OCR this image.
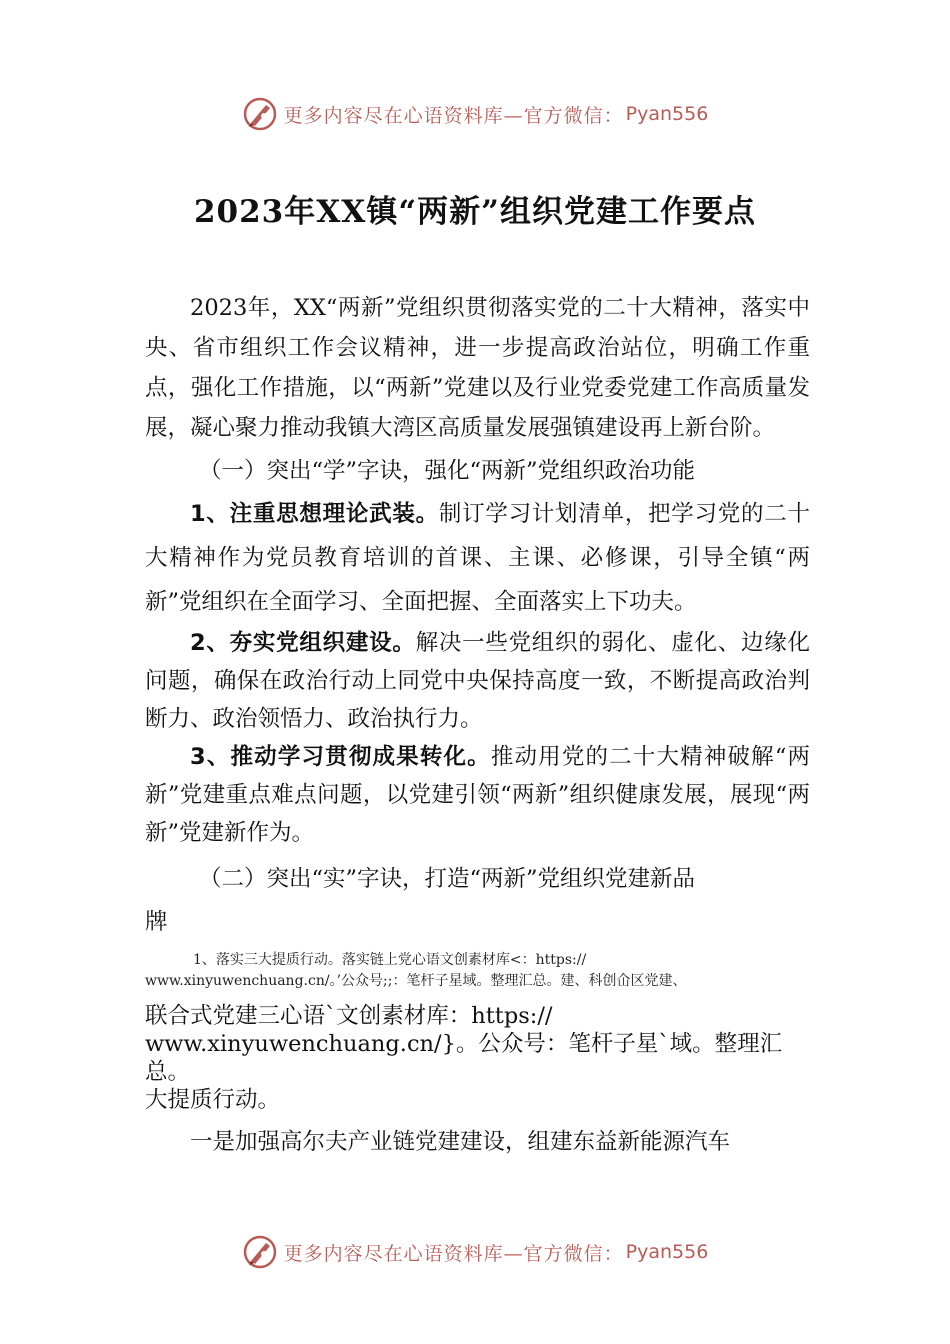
更多内容尽在心语资料库—官方微信： Pyan556
2023年XX镇“两新”组织党建工作要点

2023年，XX“两新”党组织贯彻落实党的二十大精神，落实中央、省市组织工作会议精神，进一步提高政治站位，明确工作重点，强化工作措施，以“两新”党建以及行业党委党建工作高质量发展，凝心聚力推动我镇大湾区高质量发展强镇建设再上新台阶。

（一）突出“学”字诀，强化“两新”党组织政治功能

1、注重思想理论武装。制订学习计划清单，把学习党的二十大精神作为党员教育培训的首课、主课、必修课，引导全镇“两新”党组织在全面学习、全面把握、全面落实上下功夫。

2、夯实党组织建设。解决一些党组织的弱化、虚化、边缘化问题，确保在政治行动上同党中央保持高度一致，不断提高政治判断力、政治领悟力、政治执行力。

3、推动学习贯彻成果转化。推动用党的二十大精神破解“两新”党建重点难点问题，以党建引领“两新”组织健康发展，展现“两新”党建新作为。

（二）突出“实”字诀，打造“两新”党组织党建新品

牌

1、落实三大提质行动。落实链上党心语文创素材库<：https://
www.xinyuwenchuang.cn/。’公众号;;：笔杆子星域。整理汇总。建、科创仚区党建、

联合式党建三心语`文创素材库：https://
www.xinyuwenchuang.cn/}。公众号：笔杆子星`域。整理汇总。
大提质行动。

一是加强高尔夫产业链党建建设，组建东益新能源汽车

更多内容尽在心语资料库—官方微信： Pyan556
